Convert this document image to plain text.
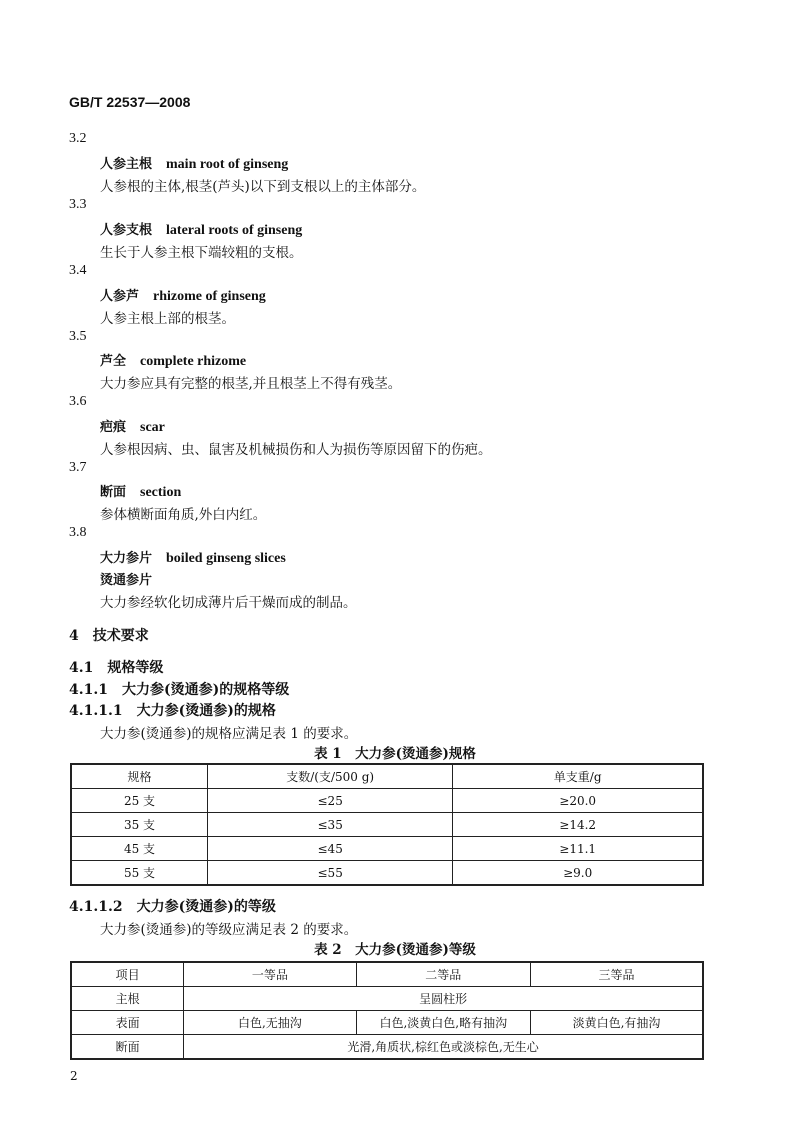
GB/T 22537—2008
3.2
人参主根 main root of ginseng
人参根的主体,根茎(芦头)以下到支根以上的主体部分。
3.3
人参支根 lateral roots of ginseng
生长于人参主根下端较粗的支根。
3.4
人参芦 rhizome of ginseng
人参主根上部的根茎。
3.5
芦全 complete rhizome
大力参应具有完整的根茎,并且根茎上不得有残茎。
3.6
疤痕 scar
人参根因病、虫、鼠害及机械损伤和人为损伤等原因留下的伤疤。
3.7
断面 section
参体横断面角质,外白内红。
3.8
大力参片 boiled ginseng slices
烫通参片
大力参经软化切成薄片后干燥而成的制品。
4　技术要求
4.1　规格等级
4.1.1　大力参(烫通参)的规格等级
4.1.1.1　大力参(烫通参)的规格
大力参(烫通参)的规格应满足表 1 的要求。
表 1　大力参(烫通参)规格
规格	支数/(支/500 g)	单支重/g
25 支	≤25	≥20.0
35 支	≤35	≥14.2
45 支	≤45	≥11.1
55 支	≤55	≥9.0
4.1.1.2　大力参(烫通参)的等级
大力参(烫通参)的等级应满足表 2 的要求。
表 2　大力参(烫通参)等级
项目	一等品	二等品	三等品
主根	呈圆柱形		
表面	白色,无抽沟	白色,淡黄白色,略有抽沟	淡黄白色,有抽沟
断面	光滑,角质状,棕红色或淡棕色,无生心		
2
